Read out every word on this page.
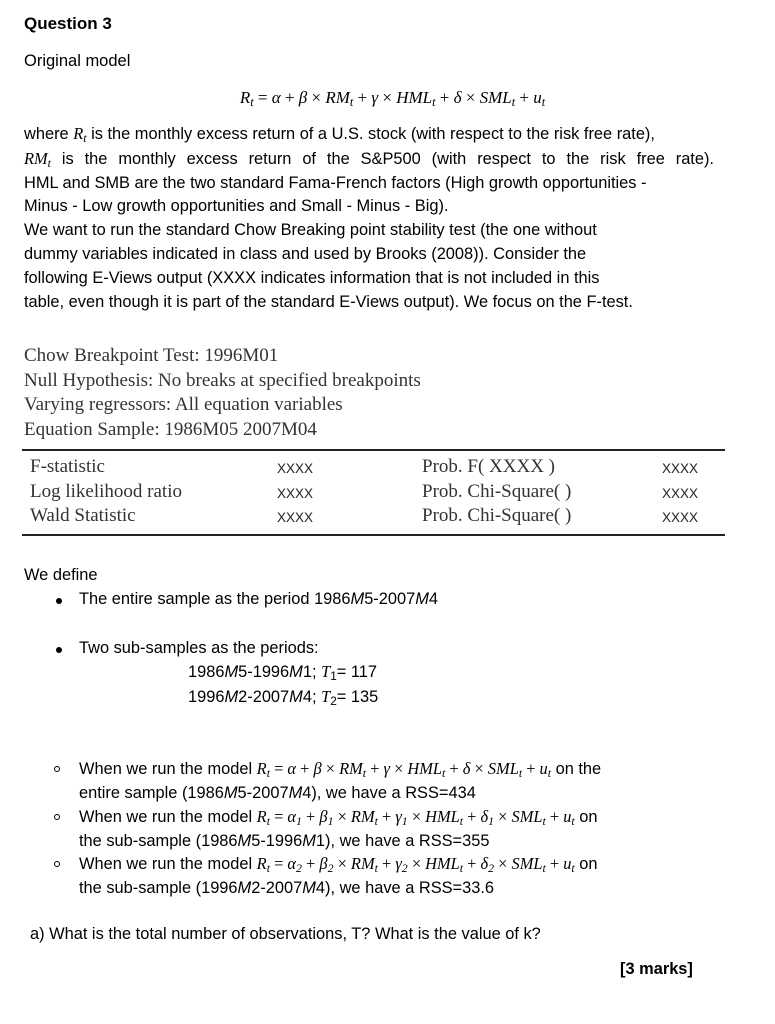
Question 3
Original model
$R_t = \alpha + \beta \times RM_t + \gamma \times HML_t + \delta \times SML_t + u_t$
where $R_t$ is the monthly excess return of a U.S. stock (with respect to the risk free rate),
$RM_t$ is the monthly excess return of the S&P500 (with respect to the risk free rate).
HML and SMB are the two standard Fama-French factors (High growth opportunities -
Minus - Low growth opportunities and Small - Minus - Big).
We want to run the standard Chow Breaking point stability test (the one without
dummy variables indicated in class and used by Brooks (2008)). Consider the
following E-Views output (XXXX indicates information that is not included in this
table, even though it is part of the standard E-Views output). We focus on the F-test.
Chow Breakpoint Test: 1996M01
Null Hypothesis: No breaks at specified breakpoints
Varying regressors: All equation variables
Equation Sample: 1986M05 2007M04
F-statistic	XXXX	Prob. F( XXXX )	XXXX
Log likelihood ratio	XXXX	Prob. Chi-Square( )	XXXX
Wald Statistic	XXXX	Prob. Chi-Square( )	XXXX
We define
The entire sample as the period 1986M5-2007M4
Two sub-samples as the periods:
1986M5-1996M1; $T_1= 117$
1996M2-2007M4; $T_2= 135$
When we run the model $R_t = \alpha + \beta \times RM_t + \gamma \times HML_t + \delta \times SML_t + u_t$ on the
entire sample (1986M5-2007M4), we have a RSS=434
When we run the model $R_t = \alpha_1 + \beta_1 \times RM_t + \gamma_1 \times HML_t + \delta_1 \times SML_t + u_t$ on
the sub-sample (1986M5-1996M1), we have a RSS=355
When we run the model $R_t = \alpha_2 + \beta_2 \times RM_t + \gamma_2 \times HML_t + \delta_2 \times SML_t + u_t$ on
the sub-sample (1996M2-2007M4), we have a RSS=33.6
a) What is the total number of observations, T? What is the value of k?
[3 marks]
